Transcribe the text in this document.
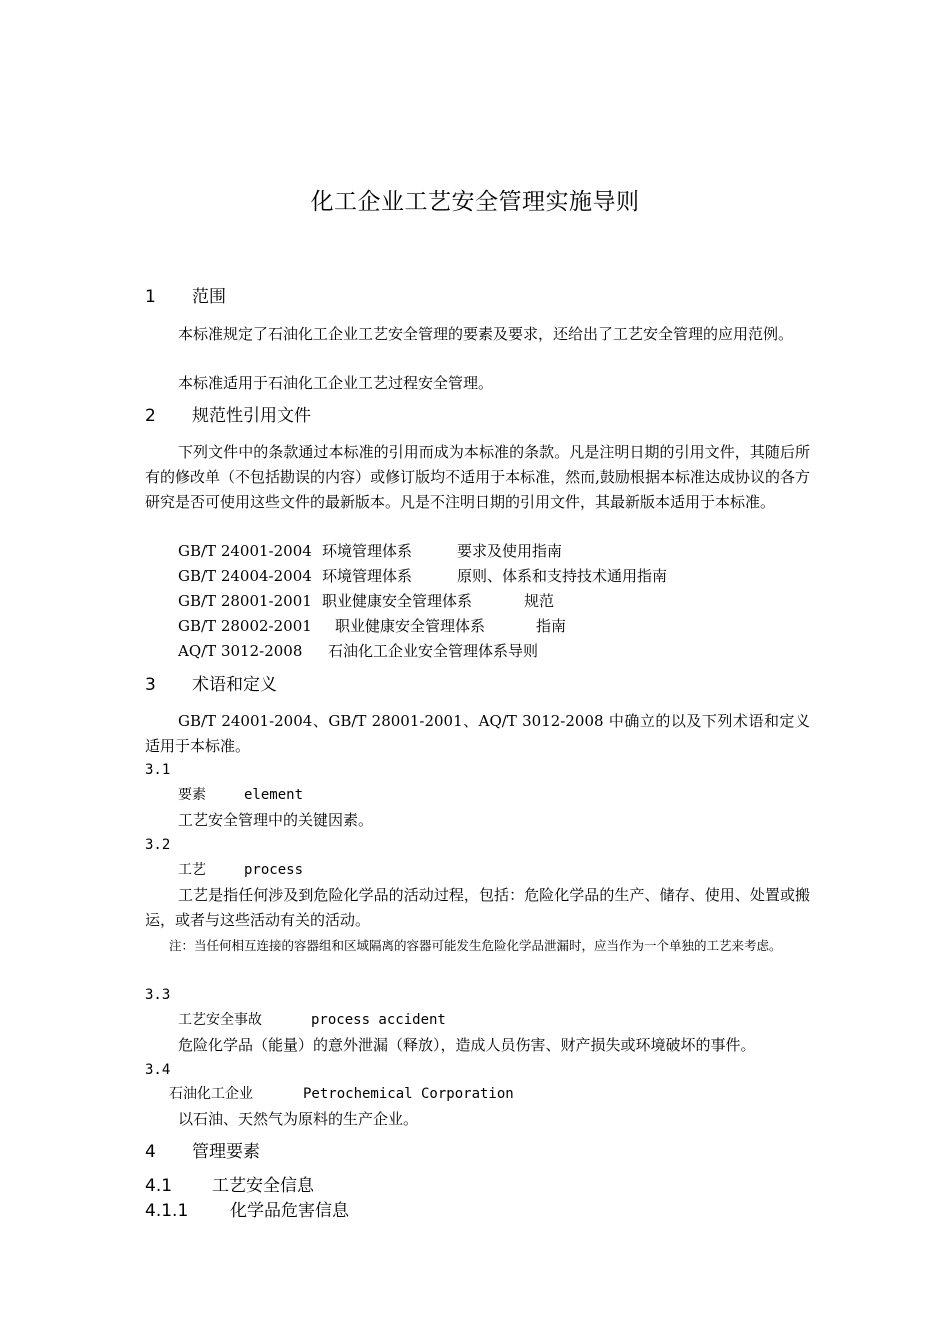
化工企业工艺安全管理实施导则
1 范围
本标准规定了石油化工企业工艺安全管理的要素及要求，还给出了工艺安全管理的应用范例。
本标准适用于石油化工企业工艺过程安全管理。
2 规范性引用文件
下列文件中的条款通过本标准的引用而成为本标准的条款。凡是注明日期的引用文件，其随后所有的修改单（不包括勘误的内容）或修订版均不适用于本标准，然而,鼓励根据本标准达成协议的各方研究是否可使用这些文件的最新版本。凡是不注明日期的引用文件，其最新版本适用于本标准。
GB/T 24001-2004 环境管理体系	要求及使用指南
GB/T 24004-2004 环境管理体系	原则、体系和支持技术通用指南
GB/T 28001-2001 职业健康安全管理体系	规范
GB/T 28002-2001 职业健康安全管理体系	指南
AQ/T 3012-2008 石油化工企业安全管理体系导则
3 术语和定义
GB/T 24001-2004、GB/T 28001-2001、AQ/T 3012-2008 中确立的以及下列术语和定义适用于本标准。
3.1
要素	element
工艺安全管理中的关键因素。
3.2
工艺	process
工艺是指任何涉及到危险化学品的活动过程，包括：危险化学品的生产、储存、使用、处置或搬运，或者与这些活动有关的活动。
注：当任何相互连接的容器组和区域隔离的容器可能发生危险化学品泄漏时，应当作为一个单独的工艺来考虑。
3.3
工艺安全事故	process accident
危险化学品（能量）的意外泄漏（释放），造成人员伤害、财产损失或环境破坏的事件。
3.4
石油化工企业	Petrochemical Corporation
以石油、天然气为原料的生产企业。
4 管理要素
4.1 工艺安全信息
4.1.1 化学品危害信息
